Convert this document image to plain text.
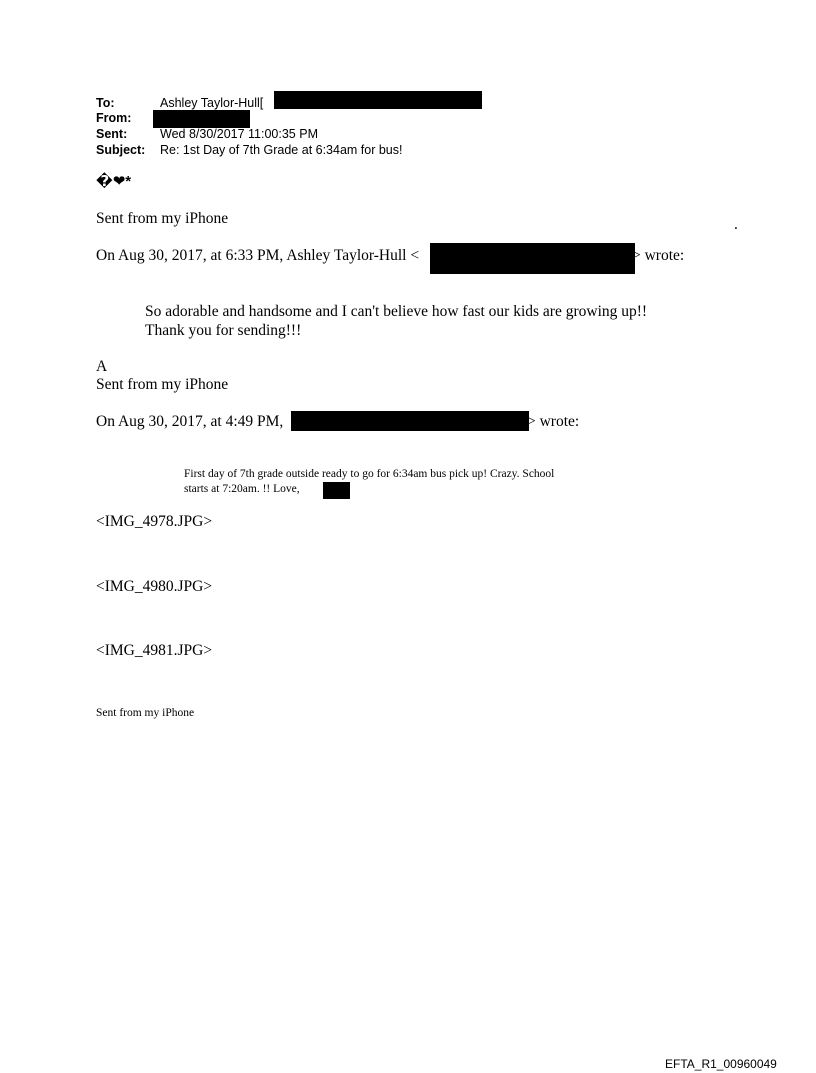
To:	Ashley Taylor-Hull[
From:
Sent:	Wed 8/30/2017 11:00:35 PM
Subject: Re: 1st Day of 7th Grade at 6:34am for bus!
�❤*
Sent from my iPhone	.
On Aug 30, 2017, at 6:33 PM, Ashley Taylor-Hull <	> wrote:
So adorable and handsome and I can't believe how fast our kids are growing up!!
Thank you for sending!!!
A
Sent from my iPhone
On Aug 30, 2017, at 4:49 PM,	> wrote:
First day of 7th grade outside ready to go for 6:34am bus pick up! Crazy. School
starts at 7:20am. !! Love,
<IMG_4978.JPG>
<IMG_4980.JPG>
<IMG_4981.JPG>
Sent from my iPhone
EFTA_R1_00960049
